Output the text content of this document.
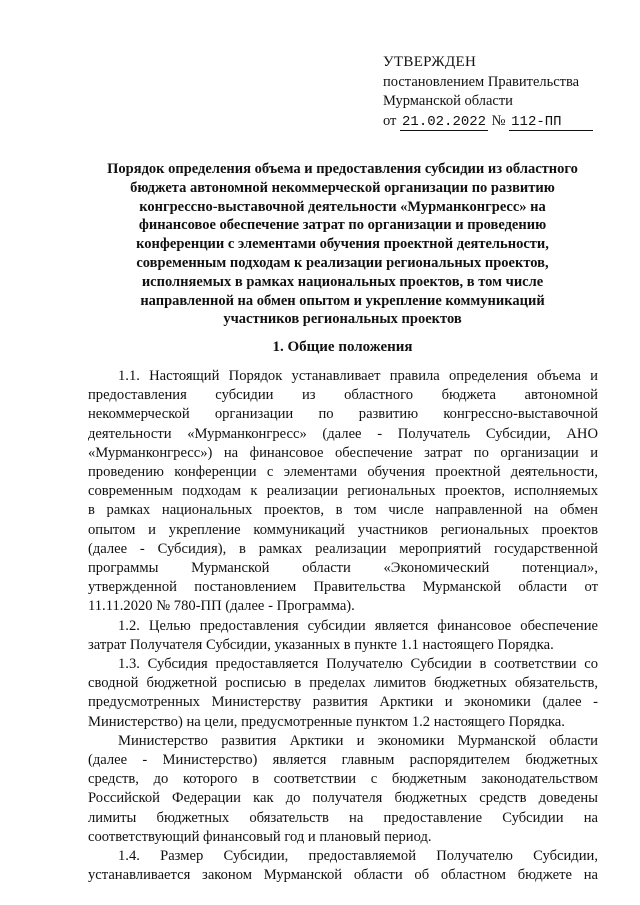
УТВЕРЖДЕН
постановлением Правительства
Мурманской области
от 21.02.2022 № 112-ПП
Порядок определения объема и предоставления субсидии из областного
бюджета автономной некоммерческой организации по развитию
конгрессно-выставочной деятельности «Мурманконгресс» на
финансовое обеспечение затрат по организации и проведению
конференции с элементами обучения проектной деятельности,
современным подходам к реализации региональных проектов,
исполняемых в рамках национальных проектов, в том числе
направленной на обмен опытом и укрепление коммуникаций
участников региональных проектов
1. Общие положения
1.1. Настоящий Порядок устанавливает правила определения объема и
предоставления субсидии из областного бюджета автономной
некоммерческой организации по развитию конгрессно-выставочной
деятельности «Мурманконгресс» (далее - Получатель Субсидии, АНО
«Мурманконгресс») на финансовое обеспечение затрат по организации и
проведению конференции с элементами обучения проектной деятельности,
современным подходам к реализации региональных проектов, исполняемых
в рамках национальных проектов, в том числе направленной на обмен
опытом и укрепление коммуникаций участников региональных проектов
(далее - Субсидия), в рамках реализации мероприятий государственной
программы Мурманской области «Экономический потенциал»,
утвержденной постановлением Правительства Мурманской области от
11.11.2020 № 780-ПП (далее - Программа).
1.2. Целью предоставления субсидии является финансовое обеспечение
затрат Получателя Субсидии, указанных в пункте 1.1 настоящего Порядка.
1.3. Субсидия предоставляется Получателю Субсидии в соответствии со
сводной бюджетной росписью в пределах лимитов бюджетных обязательств,
предусмотренных Министерству развития Арктики и экономики (далее -
Министерство) на цели, предусмотренные пунктом 1.2 настоящего Порядка.
Министерство развития Арктики и экономики Мурманской области
(далее - Министерство) является главным распорядителем бюджетных
средств, до которого в соответствии с бюджетным законодательством
Российской Федерации как до получателя бюджетных средств доведены
лимиты бюджетных обязательств на предоставление Субсидии на
соответствующий финансовый год и плановый период.
1.4. Размер Субсидии, предоставляемой Получателю Субсидии,
устанавливается законом Мурманской области об областном бюджете на
